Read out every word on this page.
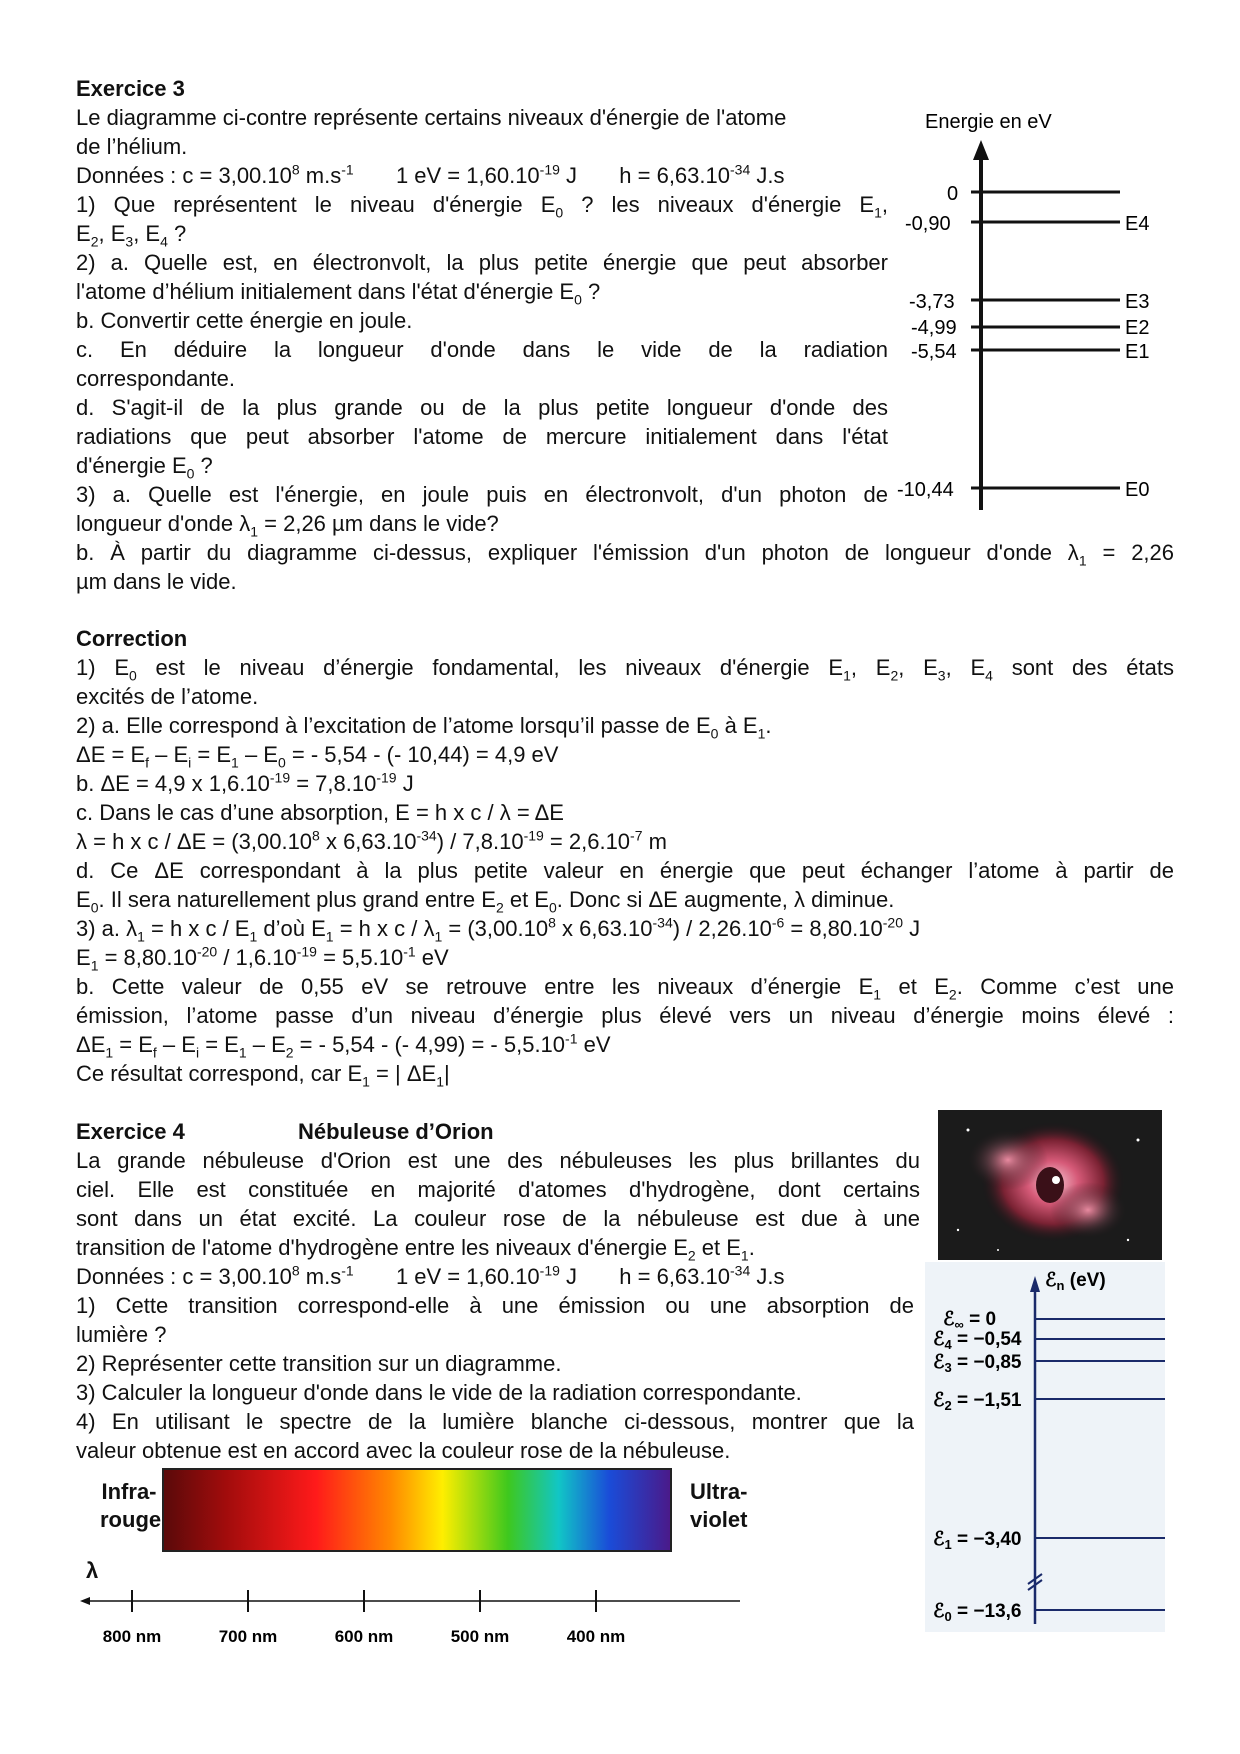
Exercice 3
Le diagramme ci-contre représente certains niveaux d'énergie de l'atome
de l’hélium.
Données : $c = 3,00.10^8$ $m.s^{-1}$ 1 eV = $1,60.10^{-19}$ J $h = 6,63.10^{-34}$ J.s
1) Que représentent le niveau d'énergie $E_0$ ? les niveaux d'énergie $E_1$,
$E_2$, $E_3$, $E_4$ ?
2) a. Quelle est, en électronvolt, la plus petite énergie que peut absorber
l'atome d’hélium initialement dans l'état d'énergie $E_0$ ?
b. Convertir cette énergie en joule.
c. En déduire la longueur d'onde dans le vide de la radiation
correspondante.
d. S'agit-il de la plus grande ou de la plus petite longueur d'onde des
radiations que peut absorber l'atome de mercure initialement dans l'état
d'énergie $E_0$ ?
3) a. Quelle est l'énergie, en joule puis en électronvolt, d'un photon de
longueur d'onde $\lambda_1 = 2,26$ µm dans le vide?
b. À partir du diagramme ci-dessus, expliquer l'émission d'un photon de longueur d'onde $\lambda_1 = 2,26$
µm dans le vide.
Energie en eV
0
-0,90	E4
-3,73	E3
-4,99	E2
-5,54	E1
-10,44	E0
Correction
1) $E_0$ est le niveau d’énergie fondamental, les niveaux d'énergie $E_1$, $E_2$, $E_3$, $E_4$ sont des états
excités de l’atome.
2) a. Elle correspond à l’excitation de l’atome lorsqu’il passe de $E_0$ à $E_1$.
$\Delta E = E_f - E_i = E_1 - E_0$ = - 5,54 - (- 10,44) = 4,9 eV
b. ΔE = 4,9 x $1,6.10^{-19} = 7,8.10^{-19}$ J
c. Dans le cas d’une absorption, E = h x c / λ = ΔE
λ = h x $c / \Delta E = (3,00.10^8$ x $6,63.10^{-34}) / 7,8.10^{-19} = 2,6.10^{-7}$ m
d. Ce ΔE correspondant à la plus petite valeur en énergie que peut échanger l’atome à partir de
$E_0$. Il sera naturellement plus grand entre $E_2$ et $E_0$. Donc si ΔE augmente, λ diminue.
3) a. $\lambda_1 = h$ x c / $E_1$ d’où $E_1 = h$ x $c / \lambda_1 = (3,00.10^8$ x $6,63.10^{-34}) / 2,26.10^{-6} = 8,80.10^{-20}$ J
$E_1 = 8,80.10^{-20} / 1,6.10^{-19} = 5,5.10^{-1}$ eV
b. Cette valeur de 0,55 eV se retrouve entre les niveaux d’énergie $E_1$ et $E_2$. Comme c’est une
émission, l’atome passe d’un niveau d’énergie plus élevé vers un niveau d’énergie moins élevé :
$\Delta E_1 = E_f - E_i = E_1 - E_2$ = - 5,54 - (- 4,99) = - $5,5.10^{-1}$ eV
Ce résultat correspond, car $E_1$ = | $\Delta E_1|$
Exercice 4	Nébuleuse d’Orion
La grande nébuleuse d'Orion est une des nébuleuses les plus brillantes du
ciel. Elle est constituée en majorité d'atomes d'hydrogène, dont certains
sont dans un état excité. La couleur rose de la nébuleuse est due à une
transition de l'atome d'hydrogène entre les niveaux d'énergie $E_2$ et $E_1$.
Données : $c = 3,00.10^8$ $m.s^{-1}$ 1 eV = $1,60.10^{-19}$ J $h = 6,63.10^{-34}$ J.s
1) Cette transition correspond-elle à une émission ou une absorption de
lumière ?
2) Représenter cette transition sur un diagramme.
3) Calculer la longueur d'onde dans le vide de la radiation correspondante.
4) En utilisant le spectre de la lumière blanche ci-dessous, montrer que la
valeur obtenue est en accord avec la couleur rose de la nébuleuse.
ℰ$_n$ (eV)
ℰ$_\infty$ = 0
ℰ$_4$ = −0,54
ℰ$_3$ = −0,85
ℰ$_2$ = −1,51
ℰ$_1$ = −3,40
ℰ$_0$ = −13,6
Infra-
rouge
Ultra-
violet
λ
800 nm	700 nm	600 nm	500 nm	400 nm
